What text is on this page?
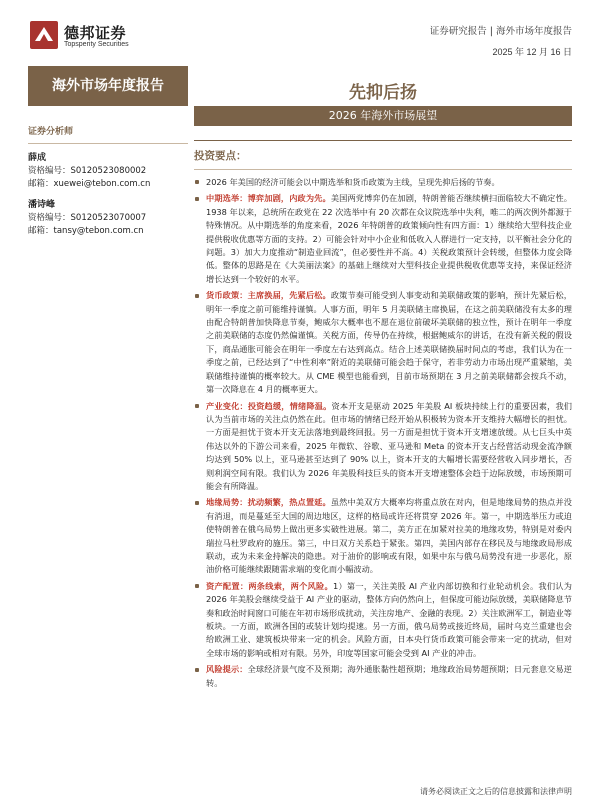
德邦证券
Topsperity Securities
证券研究报告 | 海外市场年度报告
2025 年 12 月 16 日
海外市场年度报告	先抑后扬
2026 年海外市场展望
证券分析师
薛成
资格编号：S0120523080002
邮箱：xuewei@tebon.com.cn
潘诗峰
资格编号：S0120523070007
邮箱：tansy@tebon.com.cn
投资要点：
2026 年美国的经济可能会以中期选举和货币政策为主线，呈现先抑后扬的节奏。
中期选举：博弈加剧，内政为先。美国两党博弈仍在加剧，特朗普能否继续横扫面临较大不确定性。1938 年以来，总统所在政党在 22 次选举中有 20 次都在众议院选举中失利，唯二的两次例外都源于特殊情况。从中期选举的角度来看，2026 年特朗普的政策倾向性有四方面：1）继续给大型科技企业提供税收优惠等方面的支持。2）可能会针对中小企业和低收入人群进行一定支持，以平衡社会分化的问题。3）加大力度推动“制造业回流”，但必要性并不高。4）关税政策预计会转缓，但整体力度会降低。整体的思路是在《大美丽法案》的基础上继续对大型科技企业提供税收优惠等支持，来保证经济增长达到一个较好的水平。
货币政策：主席换届，先紧后松。政策节奏可能受到人事变动和美联储政策的影响，预计先紧后松，明年一季度之前可能维持谨慎。人事方面，明年 5 月美联储主席换届，在这之前美联储没有太多的理由配合特朗普加快降息节奏，鲍威尔大概率也不愿在退位前破坏美联储的独立性，预计在明年一季度之前美联储的态度仍然偏谨慎。关税方面，传导仍在持续，根据鲍威尔的讲话，在没有新关税的假设下，商品通胀可能会在明年一季度左右达到高点。结合上述美联储换届时间点的考虑，我们认为在一季度之前，已经达到了“中性利率”附近的美联储可能会趋于保守，若非劳动力市场出现严重紧缩，美联储维持谨慎的概率较大。从 CME 模型也能看到，目前市场预期在 3 月之前美联储都会按兵不动，第一次降息在 4 月的概率更大。
产业变化：投资趋缓，情绪降温。资本开支是驱动 2025 年美股 AI 板块持续上行的重要因素，我们认为当前市场的关注点仍然在此。但市场的情绪已经开始从积极转为资本开支维持大幅增长的担忧。一方面是担忧于资本开支无法落地到最终回报。另一方面是担忧于资本开支增速放缓。从七巨头中英伟达以外的下游公司来看，2025 年微软、谷歌、亚马逊和 Meta 的资本开支占经营活动现金流净额均达到 50% 以上，亚马逊甚至达到了 90% 以上，资本开支的大幅增长需要经营收入同步增长，否则利润空间有限。我们认为 2026 年美股科技巨头的资本开支增速整体会趋于边际放缓，市场预期可能会有所降温。
地缘局势：扰动频繁，热点置延。虽然中美双方大概率均将重点放在对内，但是地缘局势的热点并没有消退，而是蔓延至大国的周边地区，这样的格局或许还将贯穿 2026 年。第一，中期选举压力或迫使特朗普在俄乌局势上做出更多实破性进展。第二，美方正在加紧对拉美的地缘攻势，特别是对委内瑞拉马杜罗政府的施压。第三，中日双方关系趋于紧张。第四，美国内部存在移民及与地缘政局形成联动，或为未来金持解决的隐患。对于油价的影响或有限，如果中东与俄乌局势没有进一步恶化，原油价格可能继续跟随需求端的变化而小幅波动。
资产配置：两条线索，两个风险。1）第一，关注美股 AI 产业内部切换和行业轮动机会。我们认为 2026 年美股会继续受益于 AI 产业的驱动，整体方向仍然向上，但保度可能边际放缓，美联储降息节奏和政治时间窗口可能在年初市场形成扰动，关注房地产、金融的表现。2）关注欧洲军工，制造业等板块。一方面，欧洲各国的或装计划均提速。另一方面，俄乌局势或接近终局，届时乌克兰重建也会给欧洲工业、建筑板块带来一定的机会。风险方面，日本央行货币政策可能会带来一定的扰动，但对全球市场的影响或相对有限。另外，印度等国家可能会受到 AI 产业的冲击。
风险提示：全球经济景气度不及预期；海外通胀黏性超预期；地缘政治局势超预期；日元套息交易逆转。
请务必阅读正文之后的信息披露和法律声明
